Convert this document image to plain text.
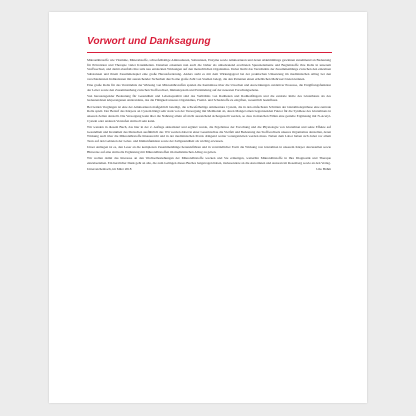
Vorwort und Danksagung

Mikronährstoffe wie Vitamine, Mineralstoffe, schwefelhaltige Aminosäuren, Substanzen, Enzyme sowie Aminosäuren und deren Abkömmlinge gewinnen zunehmend an Bedeutung für Prävention und Therapie vieler Krankheiten. Daneben erkennen nun auch die bisher als unbedeutend erachteten Spurenelemente und Begleitstoffe ihre Rolle in unserem Stoffwechsel, und damit ebenfalls ihre teils neu entdeckten Wirkungen auf den menschlichen Organismus. Dabei bleibt das Verständnis der Zusammenhänge zwischen den einzelnen Substanzen und ihrem Zusammenspiel eine große Herausforderung. Anders sieht es mit dem Wirkungsgrad bei der praktischen Umsetzung im medizinischen Alltag bei den verschiedensten Indikationen mit ausreichender Sicherheit durch eine große Zahl von Studien belegt, die den Patienten einen erheblichen Mehrwert bieten können.

Eine große Rolle für das Verständnis der Wirkung von Mikronährstoffen spielen die Kenntnisse über die Ursachen und Auswirkungen oxidativer Prozesse, die Entgiftungsfunktion der Leber sowie den Zusammenhang zwischen Stoffwechsel, Immunsystem und Entzündung auf der neuesten Forschungsebene.

Von herausragender Bedeutung für Gesundheit und Lebensqualität sind das Verhältnis von Radikalen und Radikalfängern und die zentrale Rolle des Glutathions als des bedeutendsten körpereigenen Antioxidans, das die Fähigkeit unseres Organismus, Fremd- und Schadstoffe zu entgiften, wesentlich beeinflusst.

Bei beiden Vorgängen ist eine der Aminosäuren maßgeblich beteiligt, die schwefelhaltige Aminosäure Cystein, die in den einfachsten Schritten der Glutathionsynthese eine zentrale Rolle spielt. Der Bedarf des Körpers an Cystein hängt sehr stark von der Versorgung mit Methionin ab, deren Mangel einen begrenzenden Faktor für die Synthese des Glutathions in unseren Zellen darstellt. Die Versorgung kann über die Nahrung allein oft nicht ausreichend sichergestellt werden, so dass in manchen Fällen eine gezielte Ergänzung mit N-Acetyl-Cystein oder anderen Vorstufen sinnvoll sein kann.

Wir wenden in diesem Buch, das hier in der 2. Auflage aktualisiert und ergänzt wurde, die Ergebnisse der Forschung und die Physiologie von Glutathion und seine Effekte auf Gesundheit und Krankheit des Menschen ausführlich dar. Wir werden dabei in einer Gesamtschau die Vielfalt und Bedeutung des Stoffwechsels unseres Organismus darstellen, deren Wirkung auch über die Mikronährstoffe hinausreicht und in der medizinischen Praxis dringend weiter vorangetrieben werden muss. Neben dem Labor haben sich dabei vor allem Tests auf den Gebieten der Leber- und Immunfunktion sowie der Zellgesundheit als wichtig erwiesen.

Unser Anliegen ist es, den Leser an die komplexen Zusammenhänge heranzuführen und in verständlicher Form die Wirkung von Glutathion in unserem Körper darzustellen sowie Hinweise auf eine sinnvolle Ergänzung mit Mikronährstoffen im medizinischen Alltag zu geben.

Wir wollen damit das Interesse an den Wechselbeziehungen der Mikronährstoffe wecken und Sie ermutigen, weiterhin Mikronährstoffe in Ihre Diagnostik und Therapie einzubeziehen. Ein herzlicher Dank geht an alle, die zum Gelingen dieses Buches beigetragen haben, insbesondere an die Autorinnen und Autoren im Rosenberg sowie an den Verlag.

Unterreichenbach, im März 2018	Udo Böhm
